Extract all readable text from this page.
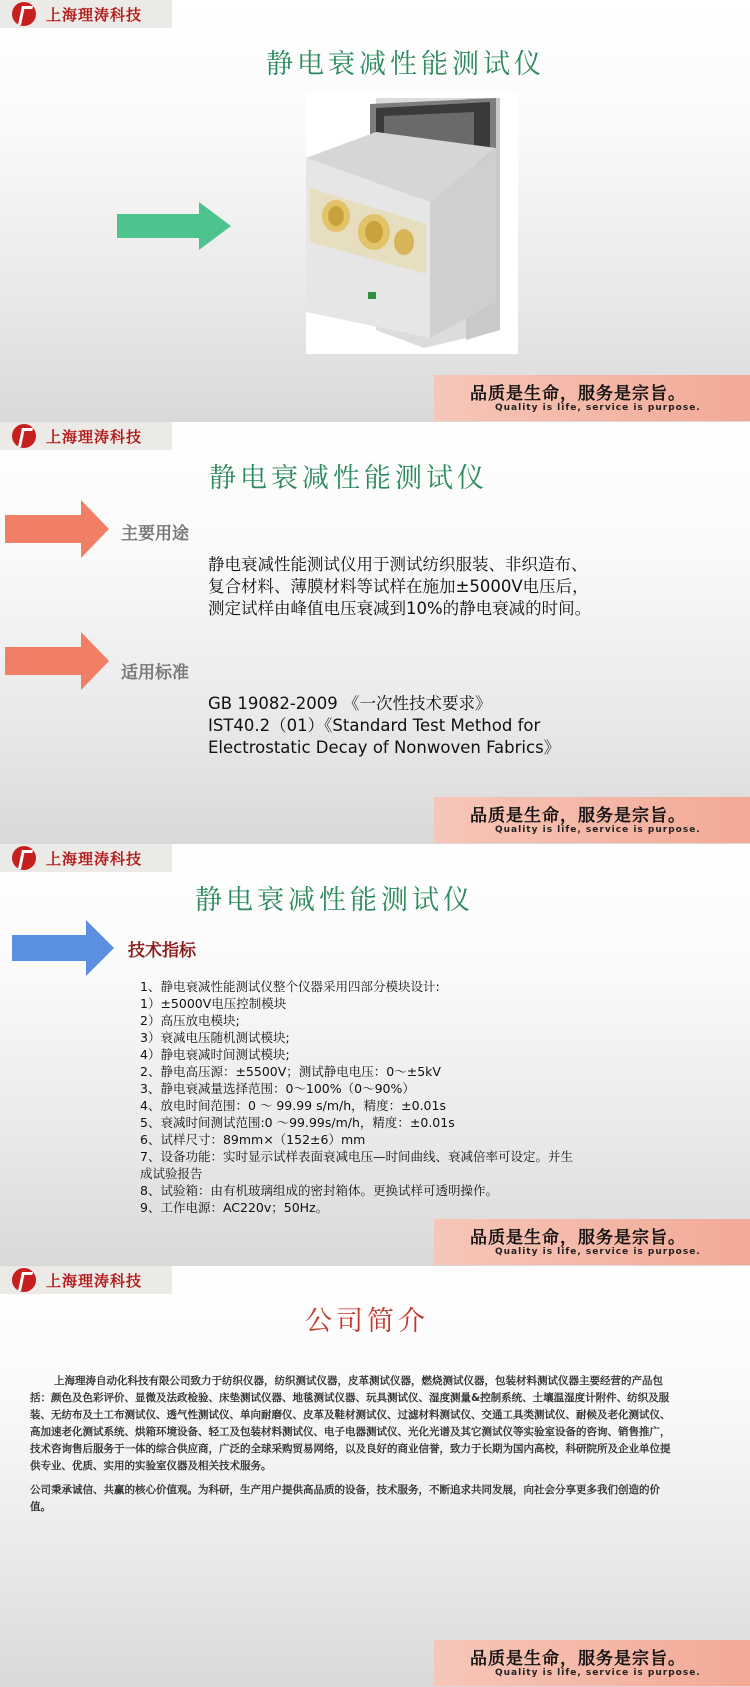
上海理涛科技
静电衰减性能测试仪
品质是生命，服务是宗旨。
Quality is life, service is purpose.
上海理涛科技
静电衰减性能测试仪
主要用途
静电衰减性能测试仪用于测试纺织服装、非织造布、
复合材料、薄膜材料等试样在施加±5000V电压后，
测定试样由峰值电压衰减到10%的静电衰减的时间。
适用标准
GB 19082-2009 《一次性技术要求》
IST40.2（01）《Standard Test Method for
Electrostatic Decay of Nonwoven Fabrics》
品质是生命，服务是宗旨。
Quality is life, service is purpose.
上海理涛科技
静电衰减性能测试仪
技术指标
1、静电衰减性能测试仪整个仪器采用四部分模块设计:
1）±5000V电压控制模块
2）高压放电模块;
3）衰减电压随机测试模块;
4）静电衰减时间测试模块;
2、静电高压源：±5500V；测试静电电压：0～±5kV
3、静电衰减量选择范围：0～100%（0～90%）
4、放电时间范围：0 ～ 99.99 s/m/h，精度：±0.01s
5、衰减时间测试范围:0 ～99.99s/m/h，精度：±0.01s
6、试样尺寸：89mm×（152±6）mm
7、设备功能：实时显示试样表面衰减电压—时间曲线、衰减倍率可设定。并生
成试验报告
8、试验箱：由有机玻璃组成的密封箱体。更换试样可透明操作。
9、工作电源：AC220v；50Hz。
品质是生命，服务是宗旨。
Quality is life, service is purpose.
上海理涛科技
公司简介
上海理涛自动化科技有限公司致力于纺织仪器，纺织测试仪器，皮革测试仪器，燃烧测试仪器，包装材料测试仪器主要经营的产品包括：颜色及色彩评价、显微及法政检验、床垫测试仪器、地毯测试仪器、玩具测试仪、湿度测量&控制系统、土壤温湿度计附件、纺织及服装、无纺布及土工布测试仪、透气性测试仪、单向耐磨仪、皮革及鞋材测试仪、过滤材料测试仪、交通工具类测试仪、耐候及老化测试仪、高加速老化测试系统、烘箱环境设备、轻工及包装材料测试仪、电子电器测试仪、光化光谱及其它测试仪等实验室设备的咨询、销售推广，技术咨询售后服务于一体的综合供应商，广泛的全球采购贸易网络，以及良好的商业信誉，致力于长期为国内高校，科研院所及企业单位提供专业、优质、实用的实验室仪器及相关技术服务。
公司秉承诚信、共赢的核心价值观。为科研，生产用户提供高品质的设备，技术服务，不断追求共同发展，向社会分享更多我们创造的价值。
品质是生命，服务是宗旨。
Quality is life, service is purpose.
